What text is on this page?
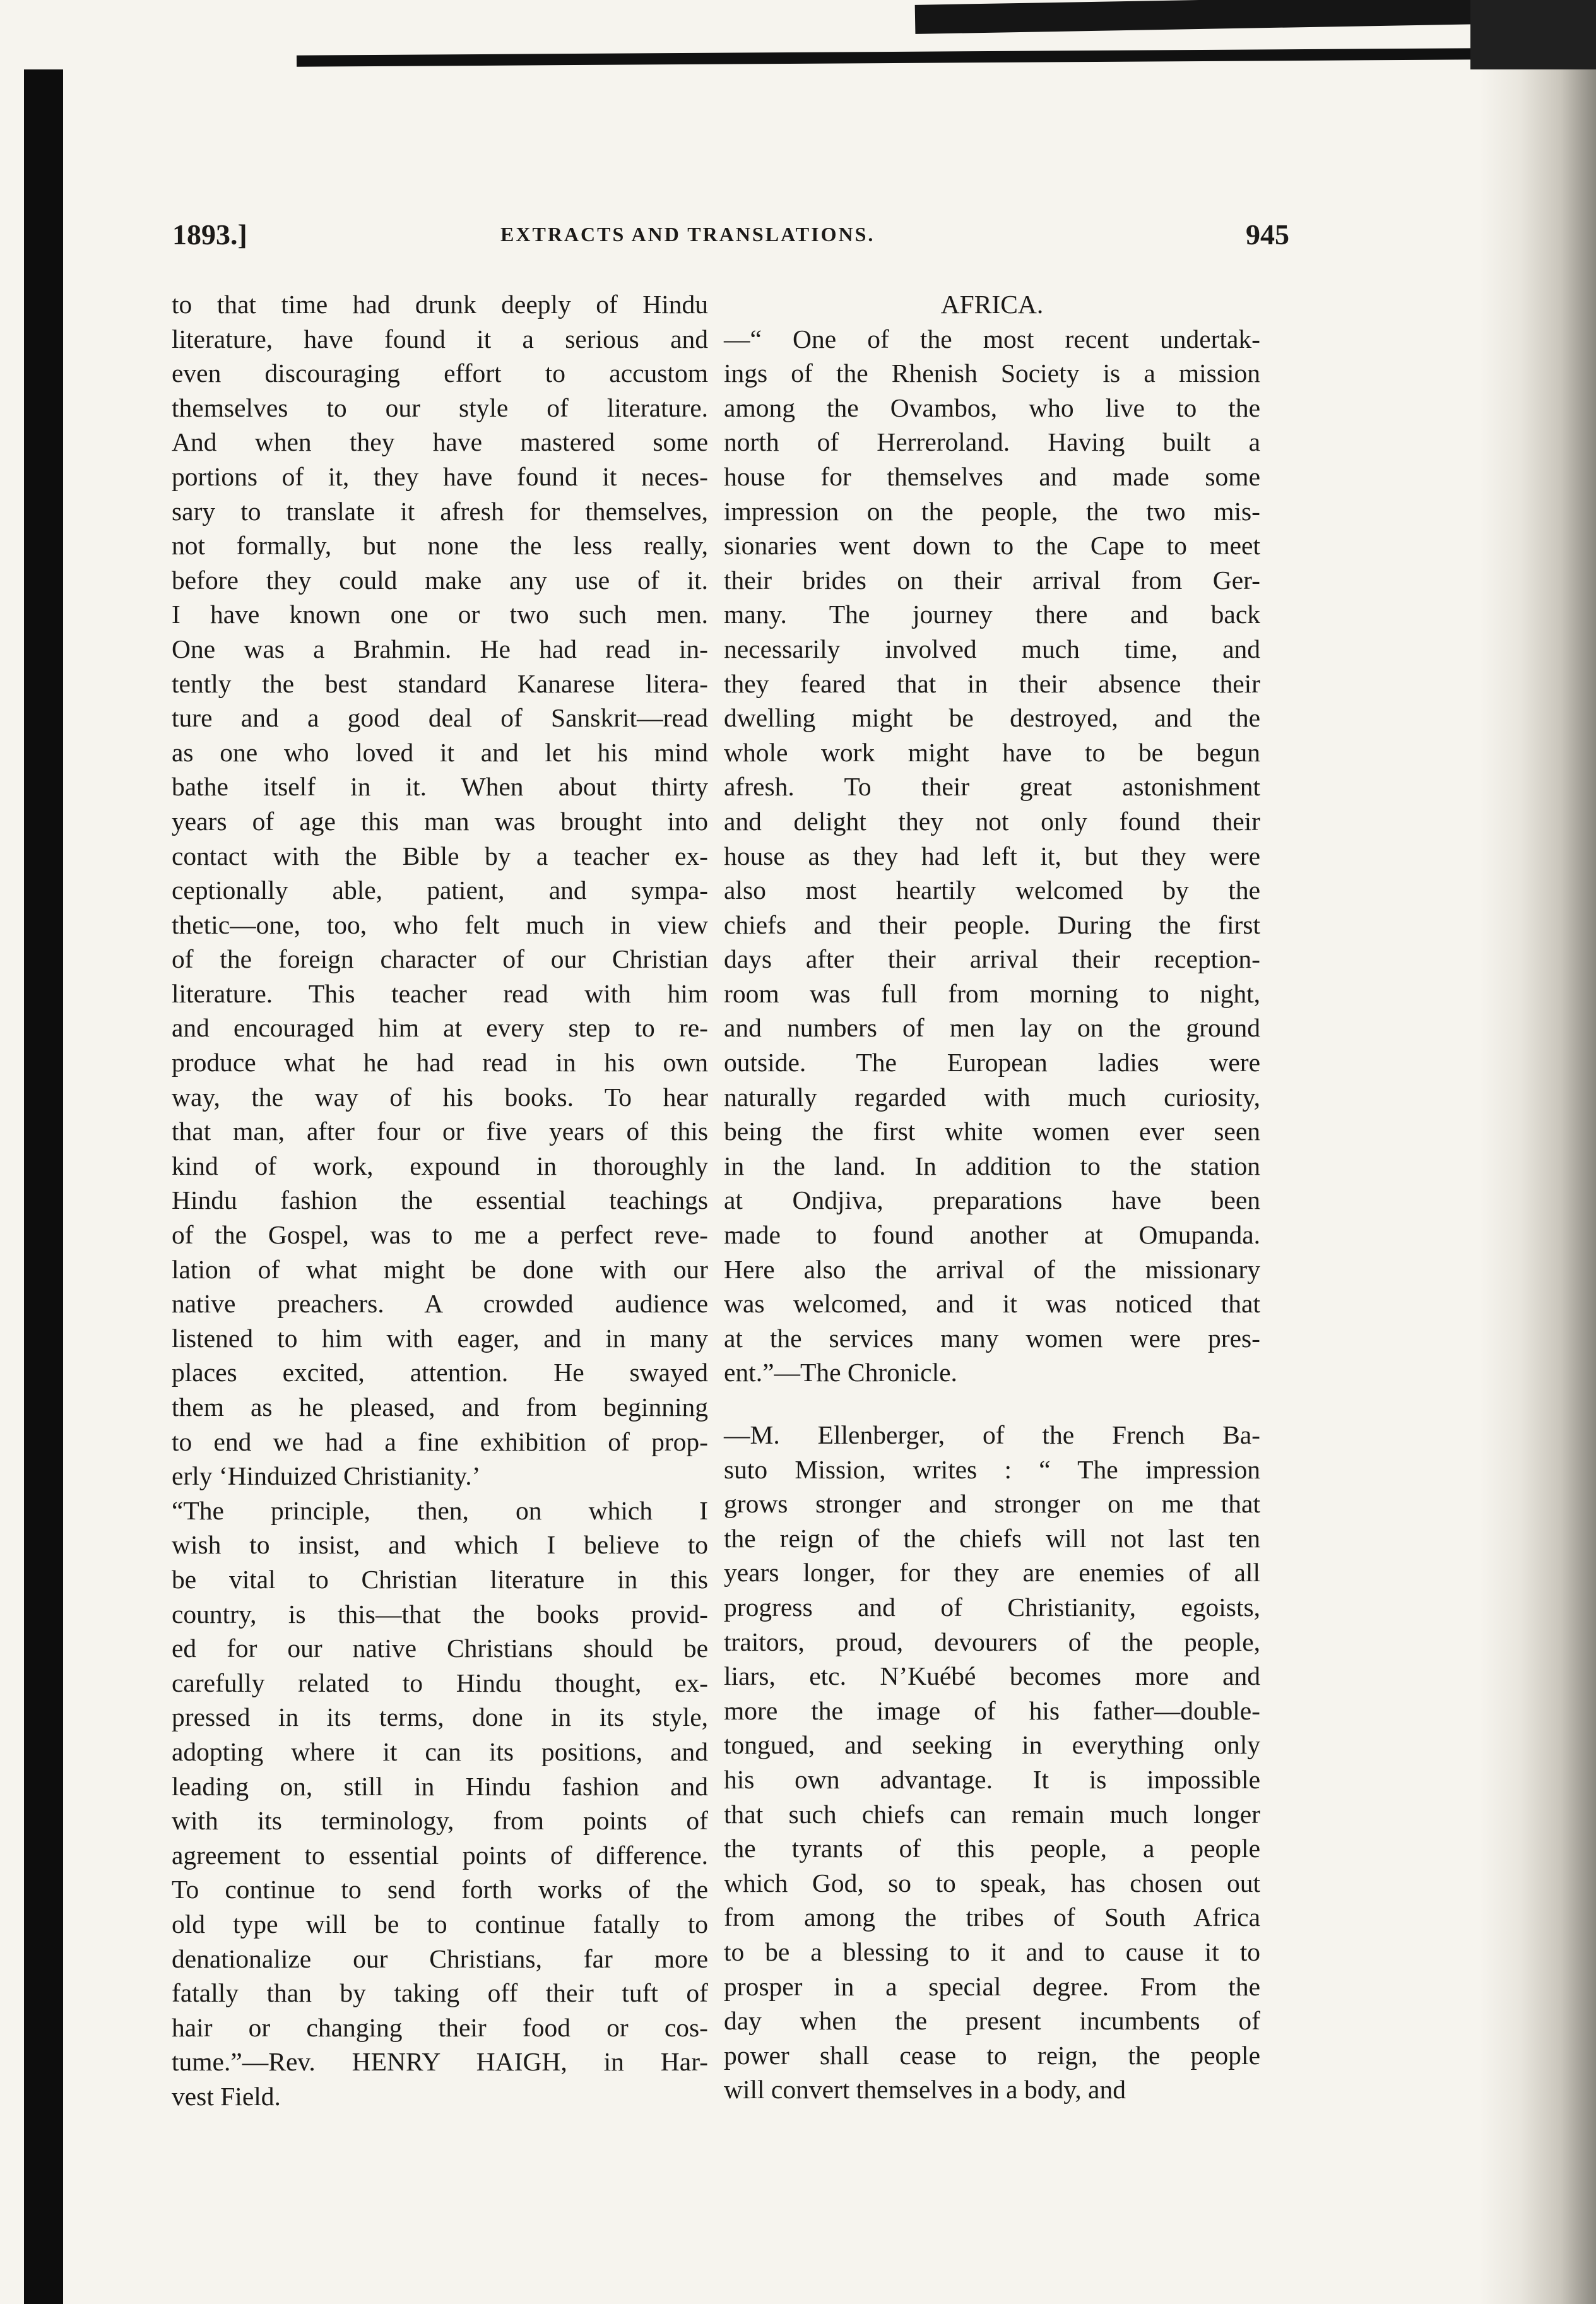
1893.]	EXTRACTS AND TRANSLATIONS.	945
to that time had drunk deeply of Hindu
literature, have found it a serious and
even discouraging effort to accustom
themselves to our style of literature.
And when they have mastered some
portions of it, they have found it neces-
sary to translate it afresh for themselves,
not formally, but none the less really,
before they could make any use of it.
I have known one or two such men.
One was a Brahmin. He had read in-
tently the best standard Kanarese litera-
ture and a good deal of Sanskrit—read
as one who loved it and let his mind
bathe itself in it. When about thirty
years of age this man was brought into
contact with the Bible by a teacher ex-
ceptionally able, patient, and sympa-
thetic—one, too, who felt much in view
of the foreign character of our Christian
literature. This teacher read with him
and encouraged him at every step to re-
produce what he had read in his own
way, the way of his books. To hear
that man, after four or five years of this
kind of work, expound in thoroughly
Hindu fashion the essential teachings
of the Gospel, was to me a perfect reve-
lation of what might be done with our
native preachers. A crowded audience
listened to him with eager, and in many
places excited, attention. He swayed
them as he pleased, and from beginning
to end we had a fine exhibition of prop-
erly ‘Hinduized Christianity.’
“The principle, then, on which I
wish to insist, and which I believe to
be vital to Christian literature in this
country, is this—that the books provid-
ed for our native Christians should be
carefully related to Hindu thought, ex-
pressed in its terms, done in its style,
adopting where it can its positions, and
leading on, still in Hindu fashion and
with its terminology, from points of
agreement to essential points of difference.
To continue to send forth works of the
old type will be to continue fatally to
denationalize our Christians, far more
fatally than by taking off their tuft of
hair or changing their food or cos-
tume.”—Rev. HENRY HAIGH, in Har-
vest Field.
AFRICA.
—“ One of the most recent undertak-
ings of the Rhenish Society is a mission
among the Ovambos, who live to the
north of Herreroland. Having built a
house for themselves and made some
impression on the people, the two mis-
sionaries went down to the Cape to meet
their brides on their arrival from Ger-
many. The journey there and back
necessarily involved much time, and
they feared that in their absence their
dwelling might be destroyed, and the
whole work might have to be begun
afresh. To their great astonishment
and delight they not only found their
house as they had left it, but they were
also most heartily welcomed by the
chiefs and their people. During the first
days after their arrival their reception-
room was full from morning to night,
and numbers of men lay on the ground
outside. The European ladies were
naturally regarded with much curiosity,
being the first white women ever seen
in the land. In addition to the station
at Ondjiva, preparations have been
made to found another at Omupanda.
Here also the arrival of the missionary
was welcomed, and it was noticed that
at the services many women were pres-
ent.”—The Chronicle.
—M. Ellenberger, of the French Ba-
suto Mission, writes : “ The impression
grows stronger and stronger on me that
the reign of the chiefs will not last ten
years longer, for they are enemies of all
progress and of Christianity, egoists,
traitors, proud, devourers of the people,
liars, etc. N’Kuébé becomes more and
more the image of his father—double-
tongued, and seeking in everything only
his own advantage. It is impossible
that such chiefs can remain much longer
the tyrants of this people, a people
which God, so to speak, has chosen out
from among the tribes of South Africa
to be a blessing to it and to cause it to
prosper in a special degree. From the
day when the present incumbents of
power shall cease to reign, the people
will convert themselves in a body, and
